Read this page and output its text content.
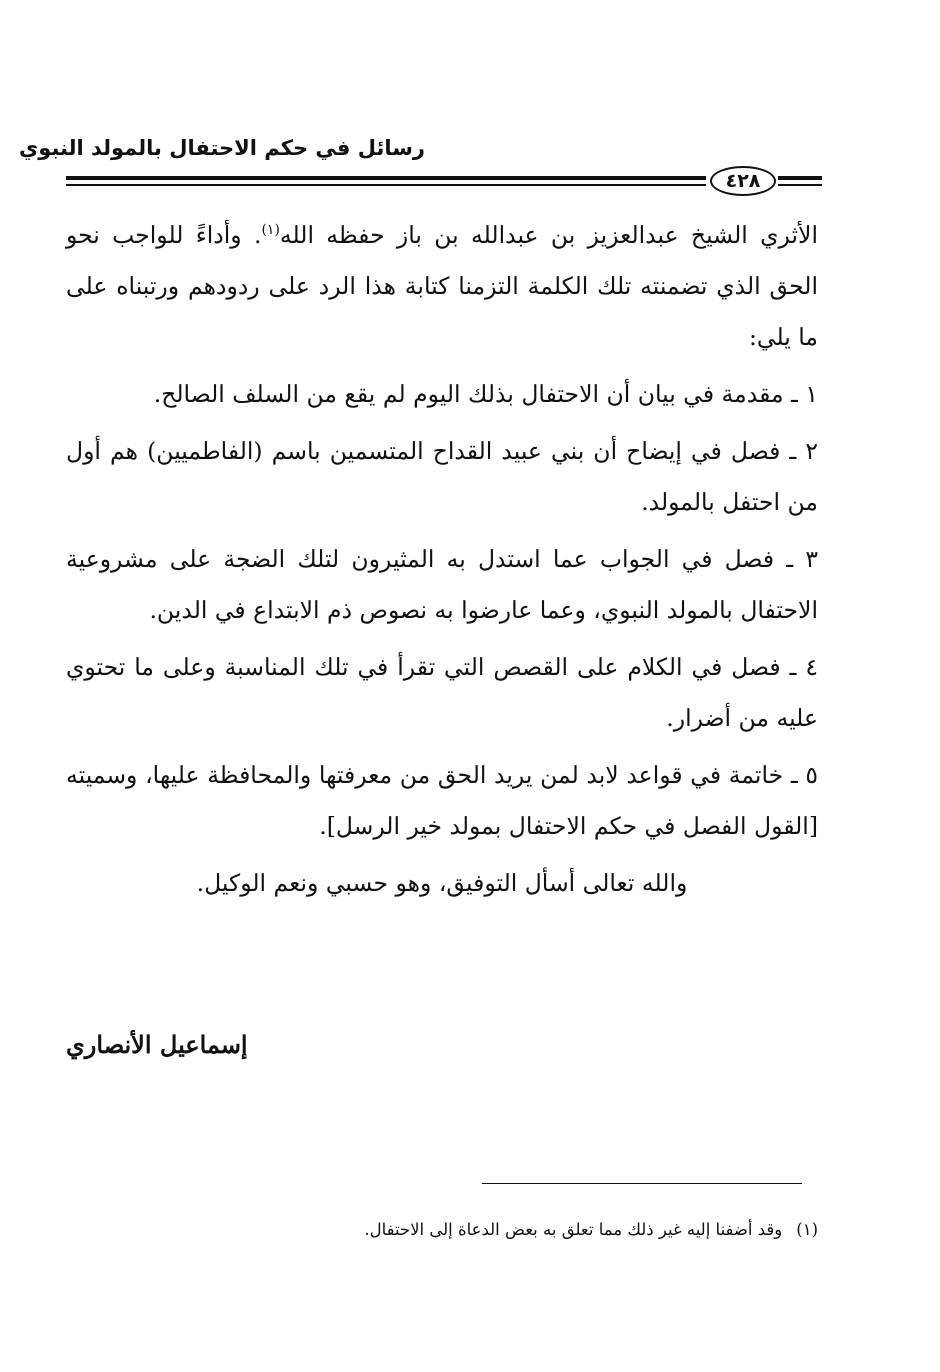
رسائل في حكم الاحتفال بالمولد النبوي
٤٢٨

الأثري الشيخ عبدالعزيز بن عبدالله بن باز حفظه الله$^{(١)}$. وأداءً للواجب نحو الحق الذي تضمنته تلك الكلمة التزمنا كتابة هذا الرد على ردودهم ورتبناه على ما يلي:

١ ـ مقدمة في بيان أن الاحتفال بذلك اليوم لم يقع من السلف الصالح.

٢ ـ فصل في إيضاح أن بني عبيد القداح المتسمين باسم (الفاطميين) هم أول من احتفل بالمولد.

٣ ـ فصل في الجواب عما استدل به المثيرون لتلك الضجة على مشروعية الاحتفال بالمولد النبوي، وعما عارضوا به نصوص ذم الابتداع في الدين.

٤ ـ فصل في الكلام على القصص التي تقرأ في تلك المناسبة وعلى ما تحتوي عليه من أضرار.

٥ ـ خاتمة في قواعد لابد لمن يريد الحق من معرفتها والمحافظة عليها، وسميته [القول الفصل في حكم الاحتفال بمولد خير الرسل].

والله تعالى أسأل التوفيق، وهو حسبي ونعم الوكيل.

إسماعيل الأنصاري
(١)وقد أضفنا إليه غير ذلك مما تعلق به بعض الدعاة إلى الاحتفال.
